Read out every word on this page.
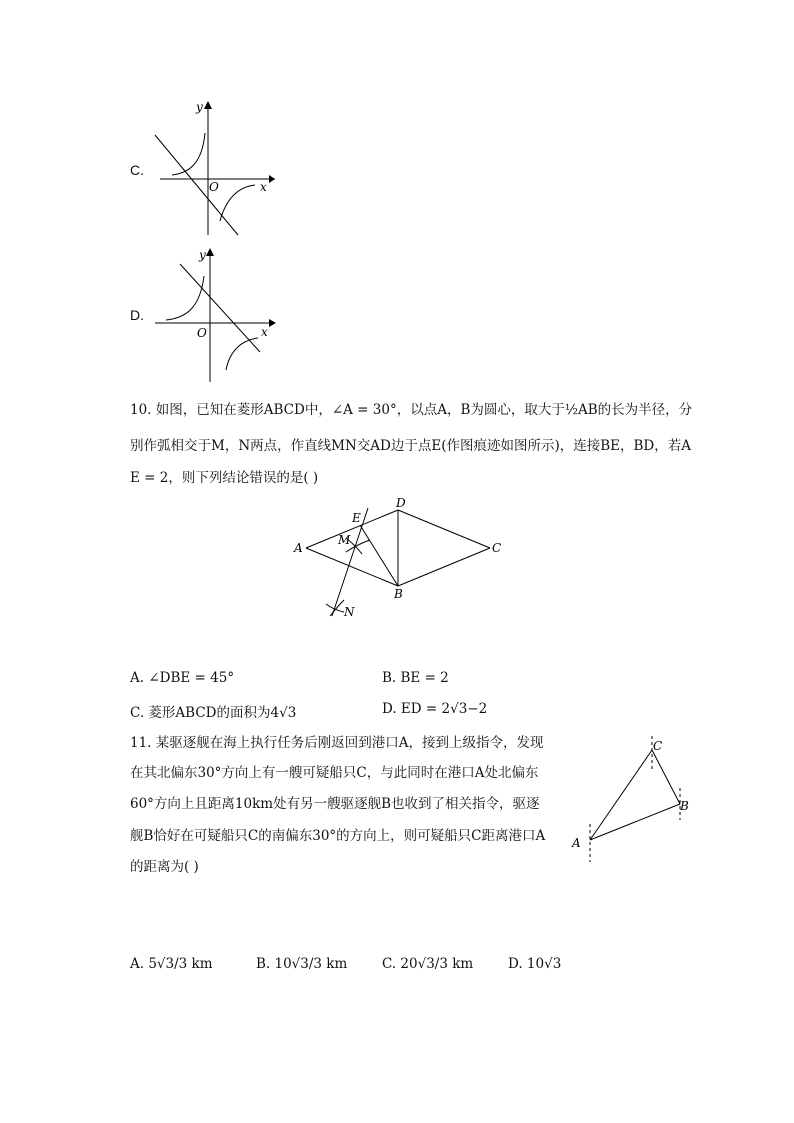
C.
y
x
O
D.
y
x
O
10. 如图，已知在菱形ABCD中，∠A = 30°，以点A，B为圆心，取大于½AB的长为半径，分
别作弧相交于M，N两点，作直线MN交AD边于点E(作图痕迹如图所示)，连接BE，BD，若A
E = 2，则下列结论错误的是( )
A
B
C
D
E
M
N
A. ∠DBE = 45°	B. BE = 2
C. 菱形ABCD的面积为4√3	D. ED = 2√3−2
11. 某驱逐舰在海上执行任务后刚返回到港口A，接到上级指令，发现
在其北偏东30°方向上有一艘可疑船只C，与此同时在港口A处北偏东
60°方向上且距离10km处有另一艘驱逐舰B也收到了相关指令，驱逐
舰B恰好在可疑船只C的南偏东30°的方向上，则可疑船只C距离港口A
的距离为( )
A
B
C
A. 5√3/3 km	B. 10√3/3 km	C. 20√3/3 km	D. 10√3
